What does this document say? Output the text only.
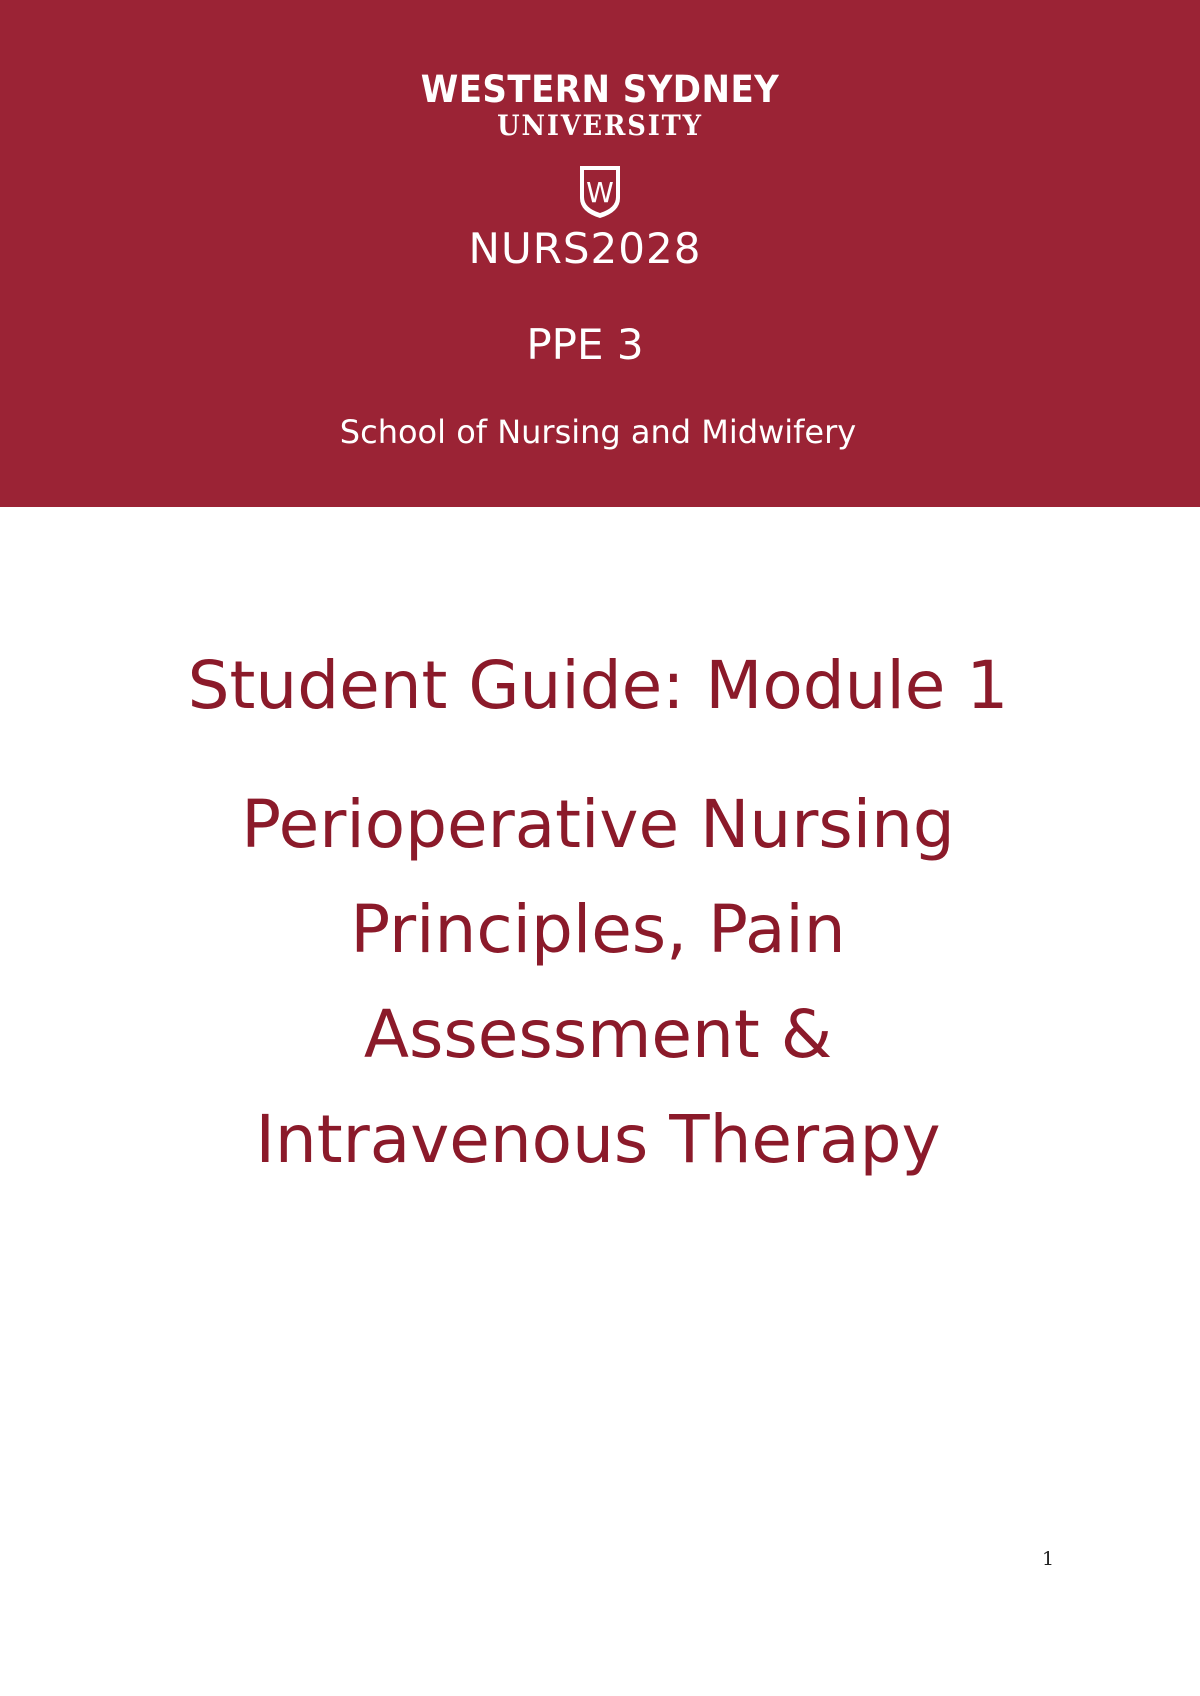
WESTERN SYDNEY
UNIVERSITY
W
NURS2028
PPE 3
School of Nursing and Midwifery
Student Guide: Module 1
Perioperative Nursing
Principles, Pain
Assessment &
Intravenous Therapy
1
